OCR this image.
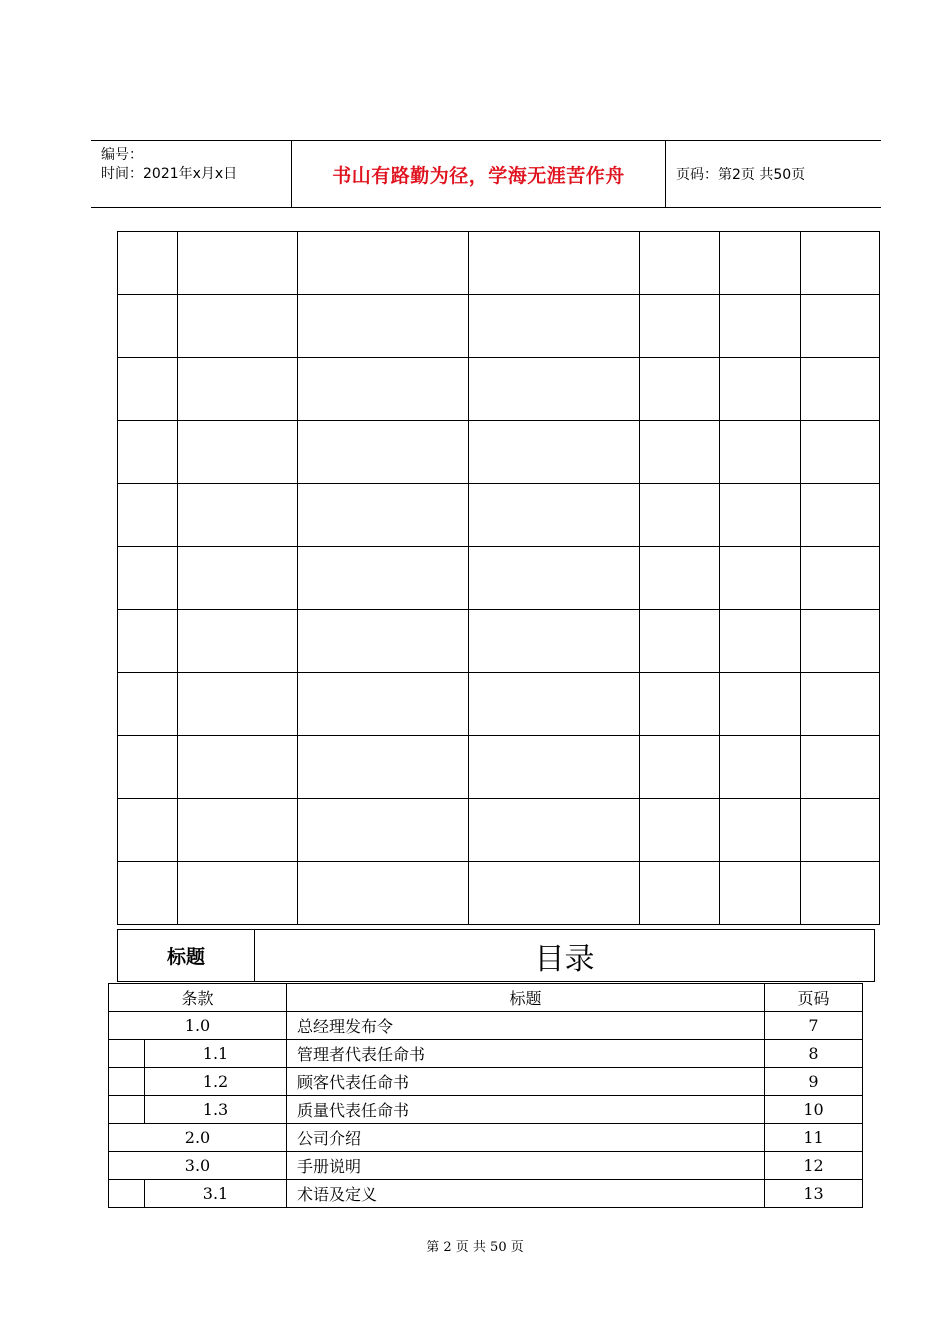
编号：
时间：2021年x月x日	书山有路勤为径，学海无涯苦作舟	页码：第2页 共50页

标题	目录
条款		标题	页码
1.0		总经理发布令	7
	1.1	管理者代表任命书	8
	1.2	顾客代表任命书	9
	1.3	质量代表任命书	10
2.0		公司介绍	11
3.0		手册说明	12
	3.1	术语及定义	13
第 2 页 共 50 页
